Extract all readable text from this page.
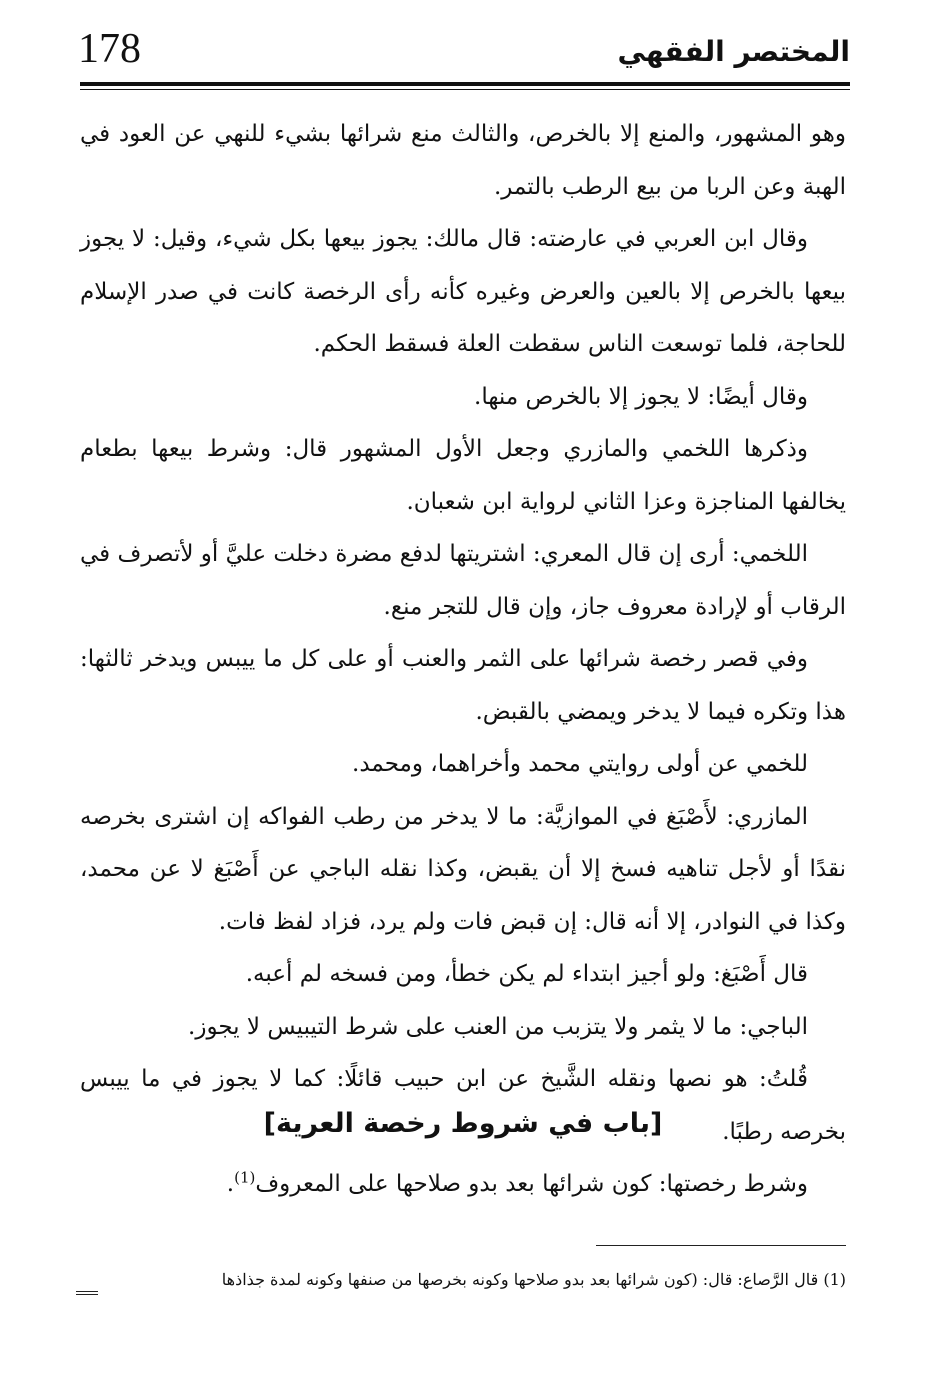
178	المختصر الفقهي

وهو المشهور، والمنع إلا بالخرص، والثالث منع شرائها بشيء للنهي عن العود في الهبة وعن الربا من بيع الرطب بالتمر.

وقال ابن العربي في عارضته: قال مالك: يجوز بيعها بكل شيء، وقيل: لا يجوز بيعها بالخرص إلا بالعين والعرض وغيره كأنه رأى الرخصة كانت في صدر الإسلام للحاجة، فلما توسعت الناس سقطت العلة فسقط الحكم.

وقال أيضًا: لا يجوز إلا بالخرص منها.

وذكرها اللخمي والمازري وجعل الأول المشهور قال: وشرط بيعها بطعام يخالفها المناجزة وعزا الثاني لرواية ابن شعبان.

اللخمي: أرى إن قال المعري: اشتريتها لدفع مضرة دخلت عليَّ أو لأتصرف في الرقاب أو لإرادة معروف جاز، وإن قال للتجر منع.

وفي قصر رخصة شرائها على الثمر والعنب أو على كل ما ييبس ويدخر ثالثها: هذا وتكره فيما لا يدخر ويمضي بالقبض.

للخمي عن أولى روايتي محمد وأخراهما، ومحمد.

المازري: لأَصْبَغ في الموازيَّة: ما لا يدخر من رطب الفواكه إن اشترى بخرصه نقدًا أو لأجل تناهيه فسخ إلا أن يقبض، وكذا نقله الباجي عن أَصْبَغ لا عن محمد، وكذا في النوادر، إلا أنه قال: إن قبض فات ولم يرد، فزاد لفظ فات.

قال أَصْبَغ: ولو أجيز ابتداء لم يكن خطأ، ومن فسخه لم أعبه.

الباجي: ما لا يثمر ولا يتزبب من العنب على شرط التيبيس لا يجوز.

قُلتُ: هو نصها ونقله الشَّيخ عن ابن حبيب قائلًا: كما لا يجوز في ما ييبس بخرصه رطبًا.

[باب في شروط رخصة العرية]
وشرط رخصتها: كون شرائها بعد بدو صلاحها على المعروف$^{(1)}$.
(1) قال الرَّصاع: قال: (كون شرائها بعد بدو صلاحها وكونه بخرصها من صنفها وكونه لمدة جذاذها
